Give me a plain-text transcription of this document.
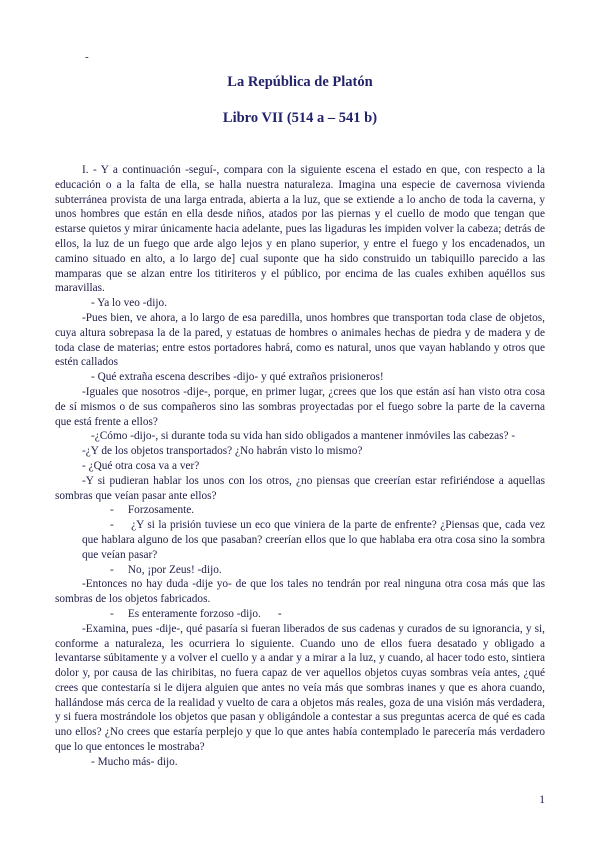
-
La República de Platón
Libro VII (514 a – 541 b)

I. - Y a continuación -seguí-, compara con la siguiente escena el estado en que, con respecto a la educación o a la falta de ella, se halla nuestra naturaleza. Imagina una especie de cavernosa vivienda subterránea provista de una larga entrada, abierta a la luz, que se extiende a lo ancho de toda la caverna, y unos hombres que están en ella desde niños, atados por las piernas y el cuello de modo que tengan que estarse quietos y mirar únicamente hacia adelante, pues las ligaduras les impiden volver la cabeza; detrás de ellos, la luz de un fuego que arde algo lejos y en plano superior, y entre el fuego y los encadenados, un camino situado en alto, a lo largo de] cual suponte que ha sido construido un tabiquillo parecido a las mamparas que se alzan entre los titiriteros y el público, por encima de las cuales exhiben aquéllos sus maravillas.

- Ya lo veo -dijo.

-Pues bien, ve ahora, a lo largo de esa paredilla, unos hombres que transportan toda clase de objetos, cuya altura sobrepasa la de la pared, y estatuas de hombres o animales hechas de piedra y de madera y de toda clase de materias; entre estos portadores habrá, como es natural, unos que vayan hablando y otros que estén callados

- Qué extraña escena describes -dijo- y qué extraños prisioneros!

-Iguales que nosotros -dije-, porque, en primer lugar, ¿crees que los que están así han visto otra cosa de sí mismos o de sus compañeros sino las sombras proyectadas por el fuego sobre la parte de la caverna que está frente a ellos?

-¿Cómo -dijo-, si durante toda su vida han sido obligados a mantener inmóviles las cabezas? -

-¿Y de los objetos transportados? ¿No habrán visto lo mismo?

- ¿Qué otra cosa va a ver?

-Y si pudieran hablar los unos con los otros, ¿no piensas que creerían estar refiriéndose a aquellas sombras que veían pasar ante ellos?

-     Forzosamente.

-     ¿Y si la prisión tuviese un eco que viniera de la parte de enfrente? ¿Piensas que, cada vez que hablara alguno de los que pasaban? creerían ellos que lo que hablaba era otra cosa sino la sombra que veían pasar?

-     No, ¡por Zeus! -dijo.

-Entonces no hay duda -dije yo- de que los tales no tendrán por real ninguna otra cosa más que las sombras de los objetos fabricados.

-     Es enteramente forzoso -dijo.      -

-Examina, pues -dije-, qué pasaría si fueran liberados de sus cadenas y curados de su ignorancia, y si, conforme a naturaleza, les ocurriera lo siguiente. Cuando uno de ellos fuera desatado y obligado a levantarse súbitamente y a volver el cuello y a andar y a mirar a la luz, y cuando, al hacer todo esto, sintiera dolor y, por causa de las chiribitas, no fuera capaz de ver aquellos objetos cuyas sombras veía antes, ¿qué crees que contestaría si le dijera alguien que antes no veía más que sombras inanes y que es ahora cuando, hallándose más cerca de la realidad y vuelto de cara a objetos más reales, goza de una visión más verdadera, y si fuera mostrándole los objetos que pasan y obligándole a contestar a sus preguntas acerca de qué es cada uno ellos? ¿No crees que estaría perplejo y que lo que antes había contemplado le parecería más verdadero que lo que entonces le mostraba?

- Mucho más- dijo.

1
